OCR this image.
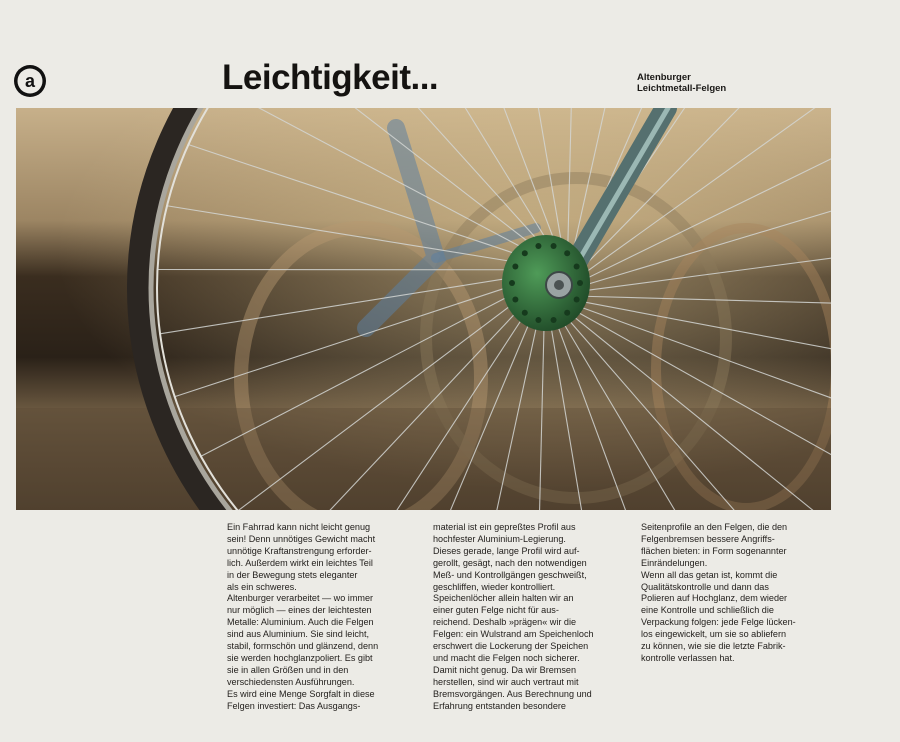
a	Leichtigkeit...	Altenburger
Leichtmetall-Felgen

Ein Fahrrad kann nicht leicht genug
sein! Denn unnötiges Gewicht macht
unnötige Kraftanstrengung erforder-
lich. Außerdem wirkt ein leichtes Teil
in der Bewegung stets eleganter
als ein schweres.
Altenburger verarbeitet — wo immer
nur möglich — eines der leichtesten
Metalle: Aluminium. Auch die Felgen
sind aus Aluminium. Sie sind leicht,
stabil, formschön und glänzend, denn
sie werden hochglanzpoliert. Es gibt
sie in allen Größen und in den
verschiedensten Ausführungen.
Es wird eine Menge Sorgfalt in diese
Felgen investiert: Das Ausgangs-

material ist ein gepreßtes Profil aus
hochfester Aluminium-Legierung.
Dieses gerade, lange Profil wird auf-
gerollt, gesägt, nach den notwendigen
Meß- und Kontrollgängen geschweißt,
geschliffen, wieder kontrolliert.
Speichenlöcher allein halten wir an
einer guten Felge nicht für aus-
reichend. Deshalb »prägen« wir die
Felgen: ein Wulstrand am Speichenloch
erschwert die Lockerung der Speichen
und macht die Felgen noch sicherer.
Damit nicht genug. Da wir Bremsen
herstellen, sind wir auch vertraut mit
Bremsvorgängen. Aus Berechnung und
Erfahrung entstanden besondere

Seitenprofile an den Felgen, die den
Felgenbremsen bessere Angriffs-
flächen bieten: in Form sogenannter
Einrändelungen.
Wenn all das getan ist, kommt die
Qualitätskontrolle und dann das
Polieren auf Hochglanz, dem wieder
eine Kontrolle und schließlich die
Verpackung folgen: jede Felge lücken-
los eingewickelt, um sie so abliefern
zu können, wie sie die letzte Fabrik-
kontrolle verlassen hat.
